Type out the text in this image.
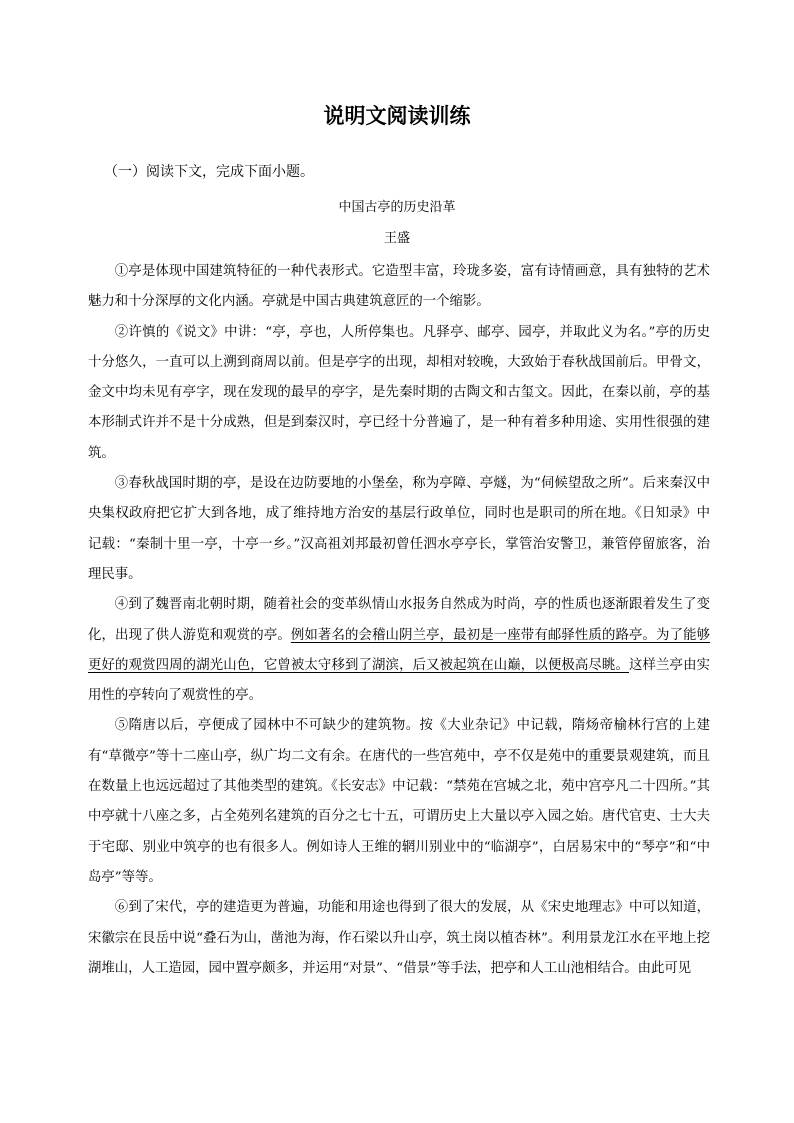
说明文阅读训练
（一）阅读下文，完成下面小题。
中国古亭的历史沿革
王盛

①亭是体现中国建筑特征的一种代表形式。它造型丰富，玲珑多姿，富有诗情画意，具有独特的艺术魅力和十分深厚的文化内涵。亭就是中国古典建筑意匠的一个缩影。

②许慎的《说文》中讲：“亭，亭也，人所停集也。凡驿亭、邮亭、园亭，并取此义为名。”亭的历史十分悠久，一直可以上溯到商周以前。但是亭字的出现，却相对较晚，大致始于春秋战国前后。甲骨文，金文中均未见有亭字，现在发现的最早的亭字，是先秦时期的古陶文和古玺文。因此，在秦以前，亭的基本形制式许并不是十分成熟，但是到秦汉时，亭已经十分普遍了，是一种有着多种用途、实用性很强的建筑。

③春秋战国时期的亭，是设在边防要地的小堡垒，称为亭障、亭燧，为“伺候望敌之所”。后来秦汉中央集权政府把它扩大到各地，成了维持地方治安的基层行政单位，同时也是职司的所在地。《日知录》中记载：“秦制十里一亭，十亭一乡。”汉高祖刘邦最初曾任泗水亭亭长，掌管治安警卫，兼管停留旅客，治理民事。

④到了魏晋南北朝时期，随着社会的变革纵情山水报务自然成为时尚，亭的性质也逐渐跟着发生了变化，出现了供人游览和观赏的亭。例如著名的会稽山阴兰亭，最初是一座带有邮驿性质的路亭。为了能够更好的观赏四周的湖光山色，它曾被太守移到了湖滨，后又被起筑在山巅，以便极高尽眺。这样兰亭由实用性的亭转向了观赏性的亭。

⑤隋唐以后，亭便成了园林中不可缺少的建筑物。按《大业杂记》中记载，隋炀帝榆林行宫的上建有“草微亭”等十二座山亭，纵广均二文有余。在唐代的一些宫苑中，亭不仅是苑中的重要景观建筑，而且在数量上也远远超过了其他类型的建筑。《长安志》中记载：“禁苑在宫城之北，苑中宫亭凡二十四所。”其中亭就十八座之多，占全苑列名建筑的百分之七十五，可谓历史上大量以亭入园之始。唐代官吏、士大夫于宅邸、别业中筑亭的也有很多人。例如诗人王维的辋川别业中的“临湖亭”，白居易宋中的“琴亭”和“中岛亭”等等。

⑥到了宋代，亭的建造更为普遍，功能和用途也得到了很大的发展，从《宋史地理志》中可以知道，宋徽宗在艮岳中说“叠石为山，凿池为海，作石梁以升山亭，筑土岗以植杏林”。利用景龙江水在平地上挖湖堆山，人工造园，园中置亭颇多，并运用“对景”、“借景”等手法，把亭和人工山池相结合。由此可见
